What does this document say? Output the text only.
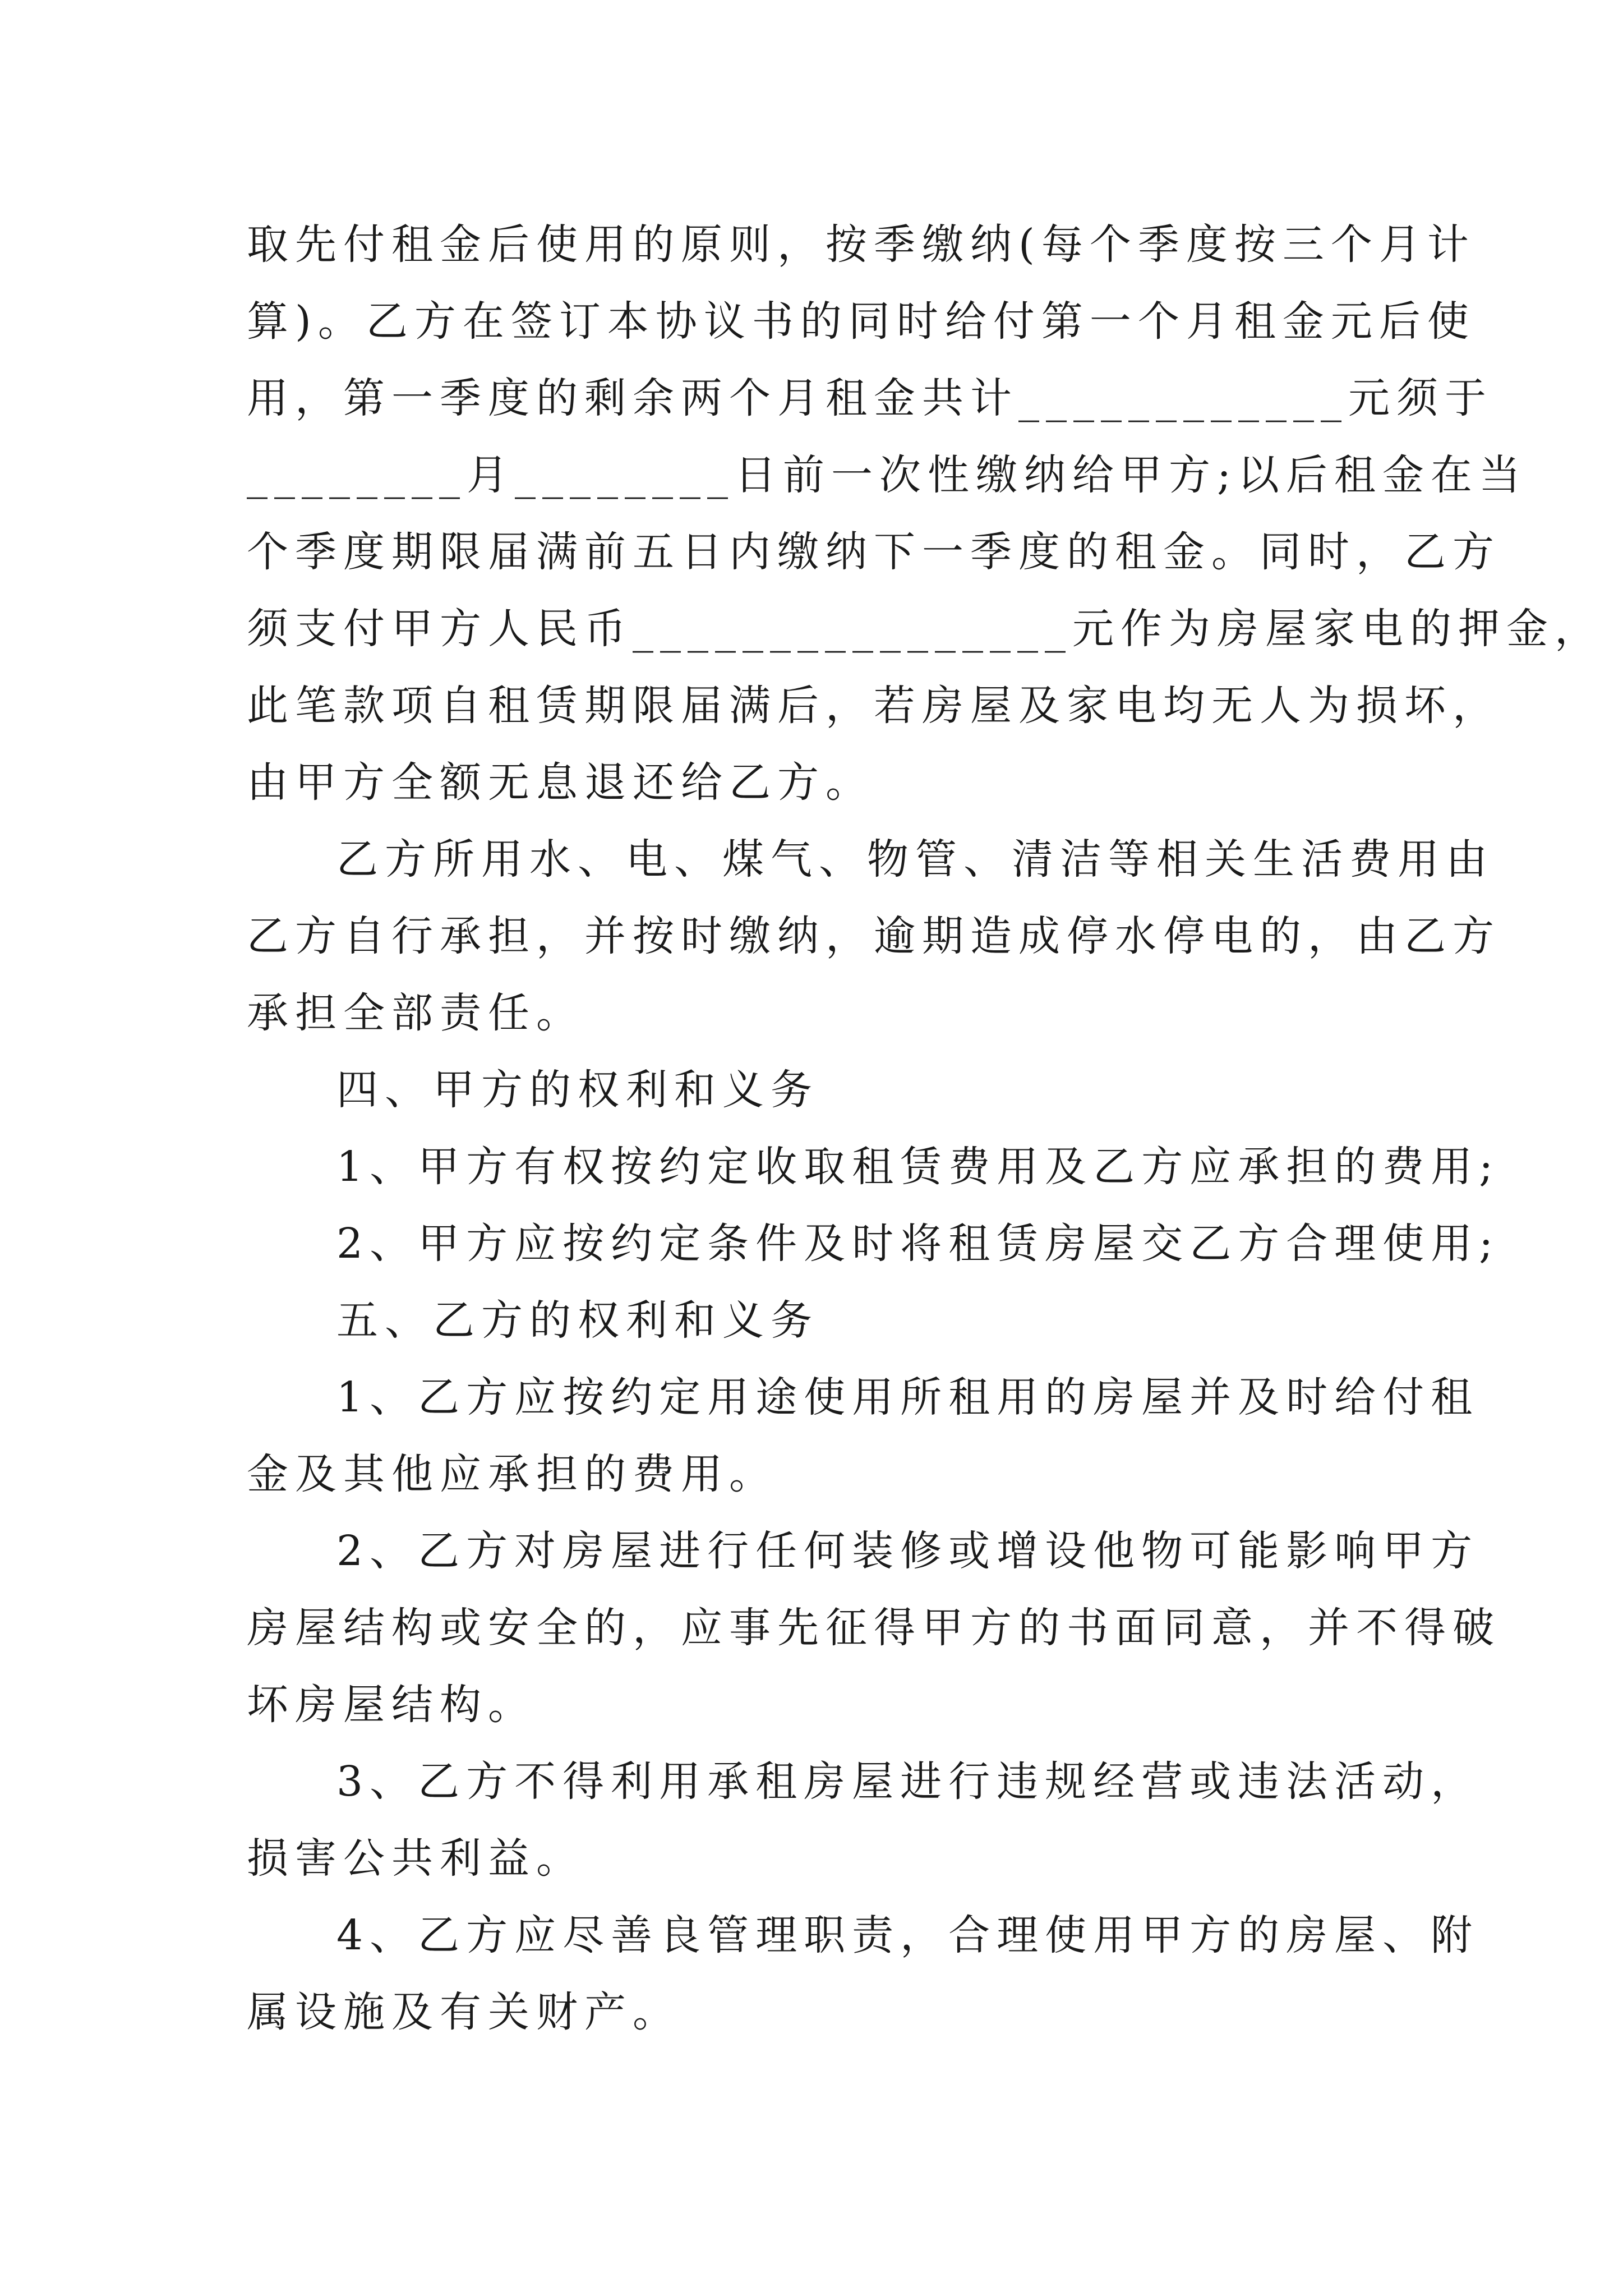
取先付租金后使用的原则，按季缴纳(每个季度按三个月计
算)。乙方在签订本协议书的同时给付第一个月租金元后使
用，第一季度的剩余两个月租金共计____________元须于
________月________日前一次性缴纳给甲方;以后租金在当
个季度期限届满前五日内缴纳下一季度的租金。同时，乙方
须支付甲方人民币________________元作为房屋家电的押金，
此笔款项自租赁期限届满后，若房屋及家电均无人为损坏，
由甲方全额无息退还给乙方。
乙方所用水、电、煤气、物管、清洁等相关生活费用由
乙方自行承担，并按时缴纳，逾期造成停水停电的，由乙方
承担全部责任。
四、甲方的权利和义务
1、甲方有权按约定收取租赁费用及乙方应承担的费用;
2、甲方应按约定条件及时将租赁房屋交乙方合理使用;
五、乙方的权利和义务
1、乙方应按约定用途使用所租用的房屋并及时给付租
金及其他应承担的费用。
2、乙方对房屋进行任何装修或增设他物可能影响甲方
房屋结构或安全的，应事先征得甲方的书面同意，并不得破
坏房屋结构。
3、乙方不得利用承租房屋进行违规经营或违法活动，
损害公共利益。
4、乙方应尽善良管理职责，合理使用甲方的房屋、附
属设施及有关财产。
